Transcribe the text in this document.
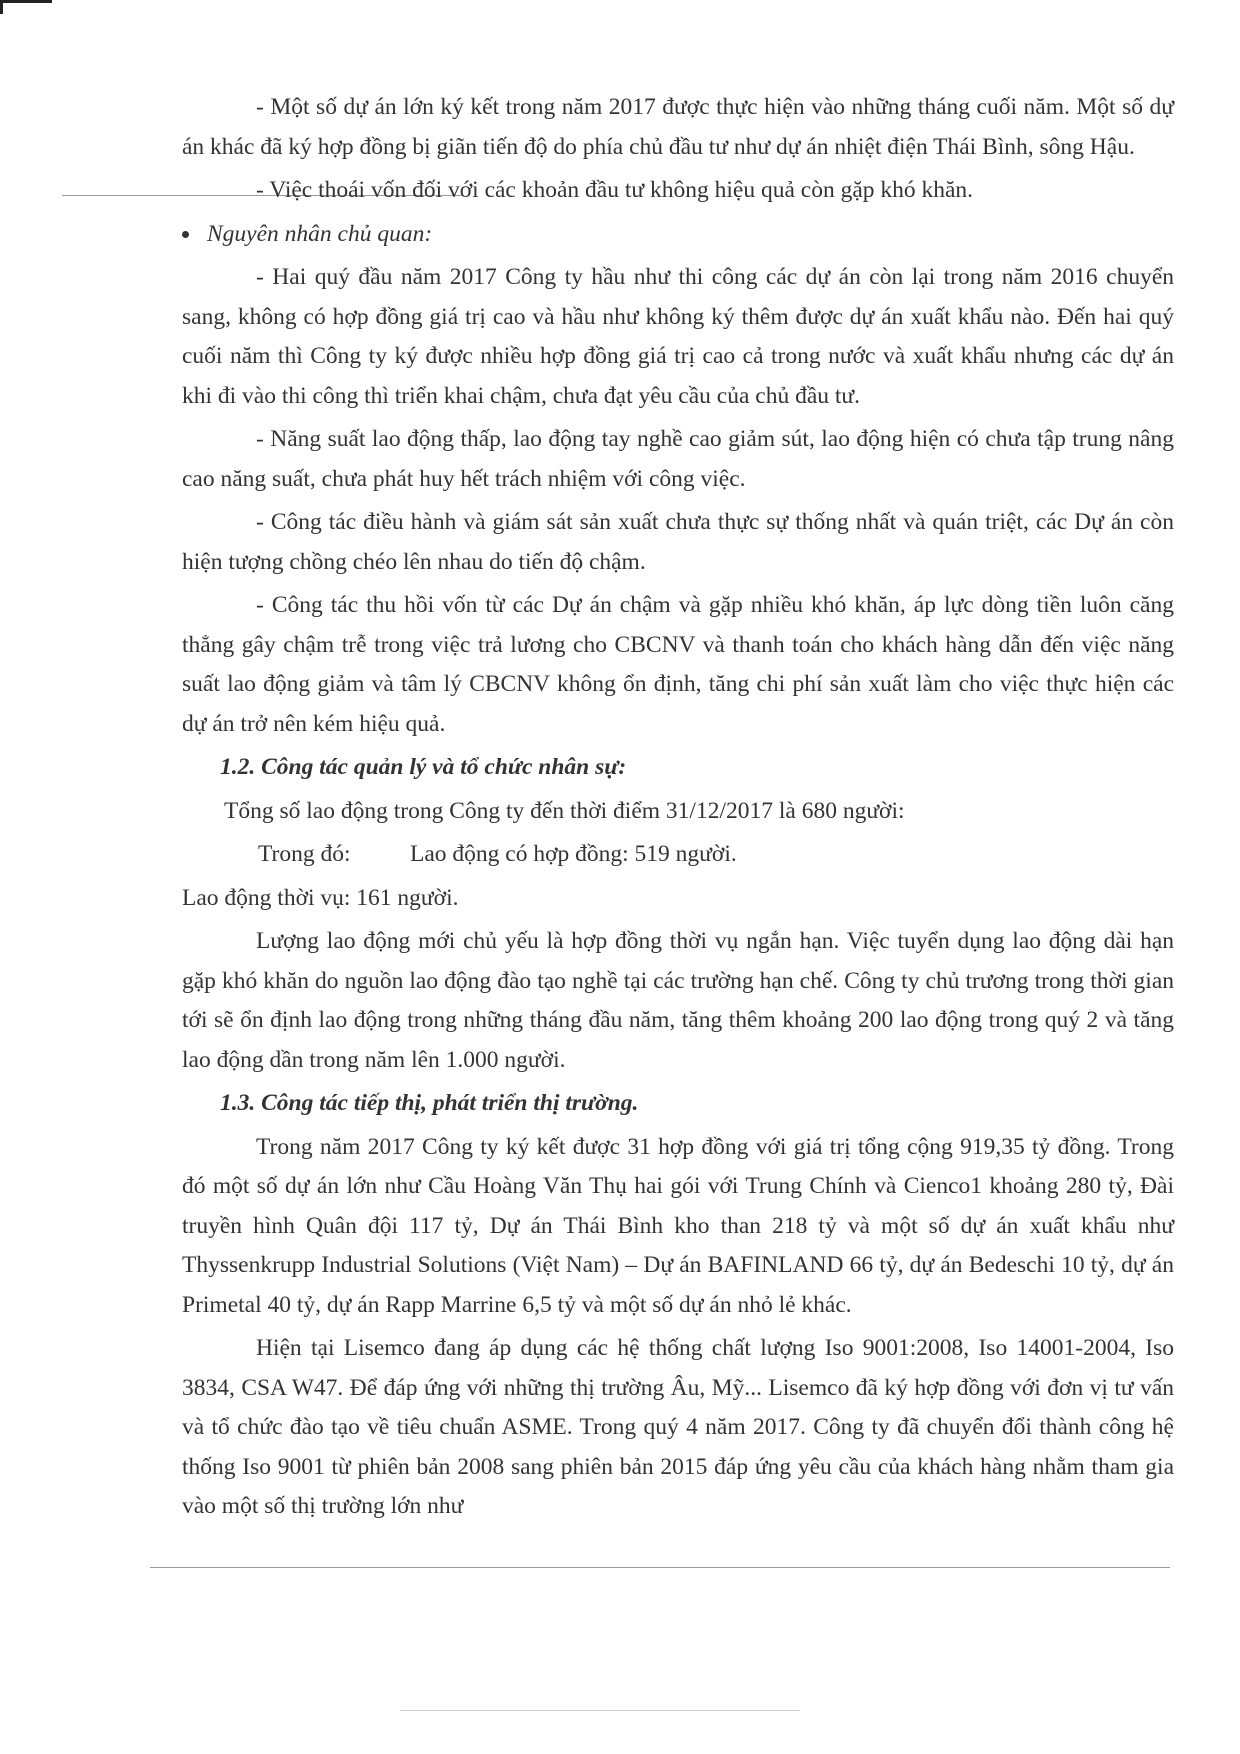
- Một số dự án lớn ký kết trong năm 2017 được thực hiện vào những tháng cuối năm. Một số dự án khác đã ký hợp đồng bị giãn tiến độ do phía chủ đầu tư như dự án nhiệt điện Thái Bình, sông Hậu.

- Việc thoái vốn đối với các khoản đầu tư không hiệu quả còn gặp khó khăn.

Nguyên nhân chủ quan:

- Hai quý đầu năm 2017 Công ty hầu như thi công các dự án còn lại trong năm 2016 chuyển sang, không có hợp đồng giá trị cao và hầu như không ký thêm được dự án xuất khẩu nào. Đến hai quý cuối năm thì Công ty ký được nhiều hợp đồng giá trị cao cả trong nước và xuất khẩu nhưng các dự án khi đi vào thi công thì triển khai chậm, chưa đạt yêu cầu của chủ đầu tư.

- Năng suất lao động thấp, lao động tay nghề cao giảm sút, lao động hiện có chưa tập trung nâng cao năng suất, chưa phát huy hết trách nhiệm với công việc.

- Công tác điều hành và giám sát sản xuất chưa thực sự thống nhất và quán triệt, các Dự án còn hiện tượng chồng chéo lên nhau do tiến độ chậm.

- Công tác thu hồi vốn từ các Dự án chậm và gặp nhiều khó khăn, áp lực dòng tiền luôn căng thẳng gây chậm trễ trong việc trả lương cho CBCNV và thanh toán cho khách hàng dẫn đến việc năng suất lao động giảm và tâm lý CBCNV không ổn định, tăng chi phí sản xuất làm cho việc thực hiện các dự án trở nên kém hiệu quả.

1.2. Công tác quản lý và tổ chức nhân sự:

Tổng số lao động trong Công ty đến thời điểm 31/12/2017 là 680 người:

Trong đó:	Lao động có hợp đồng: 519 người.

Lao động thời vụ: 161 người.

Lượng lao động mới chủ yếu là hợp đồng thời vụ ngắn hạn. Việc tuyển dụng lao động dài hạn gặp khó khăn do nguồn lao động đào tạo nghề tại các trường hạn chế. Công ty chủ trương trong thời gian tới sẽ ổn định lao động trong những tháng đầu năm, tăng thêm khoảng 200 lao động trong quý 2 và tăng lao động dần trong năm lên 1.000 người.

1.3. Công tác tiếp thị, phát triển thị trường.

Trong năm 2017 Công ty ký kết được 31 hợp đồng với giá trị tổng cộng 919,35 tỷ đồng. Trong đó một số dự án lớn như Cầu Hoàng Văn Thụ hai gói với Trung Chính và Cienco1 khoảng 280 tỷ, Đài truyền hình Quân đội 117 tỷ, Dự án Thái Bình kho than 218 tỷ và một số dự án xuất khẩu như Thyssenkrupp Industrial Solutions (Việt Nam) – Dự án BAFINLAND 66 tỷ, dự án Bedeschi 10 tỷ, dự án Primetal 40 tỷ, dự án Rapp Marrine 6,5 tỷ và một số dự án nhỏ lẻ khác.

Hiện tại Lisemco đang áp dụng các hệ thống chất lượng Iso 9001:2008, Iso 14001-2004, Iso 3834, CSA W47. Để đáp ứng với những thị trường Âu, Mỹ... Lisemco đã ký hợp đồng với đơn vị tư vấn và tổ chức đào tạo về tiêu chuẩn ASME. Trong quý 4 năm 2017. Công ty đã chuyển đổi thành công hệ thống Iso 9001 từ phiên bản 2008 sang phiên bản 2015 đáp ứng yêu cầu của khách hàng nhằm tham gia vào một số thị trường lớn như
